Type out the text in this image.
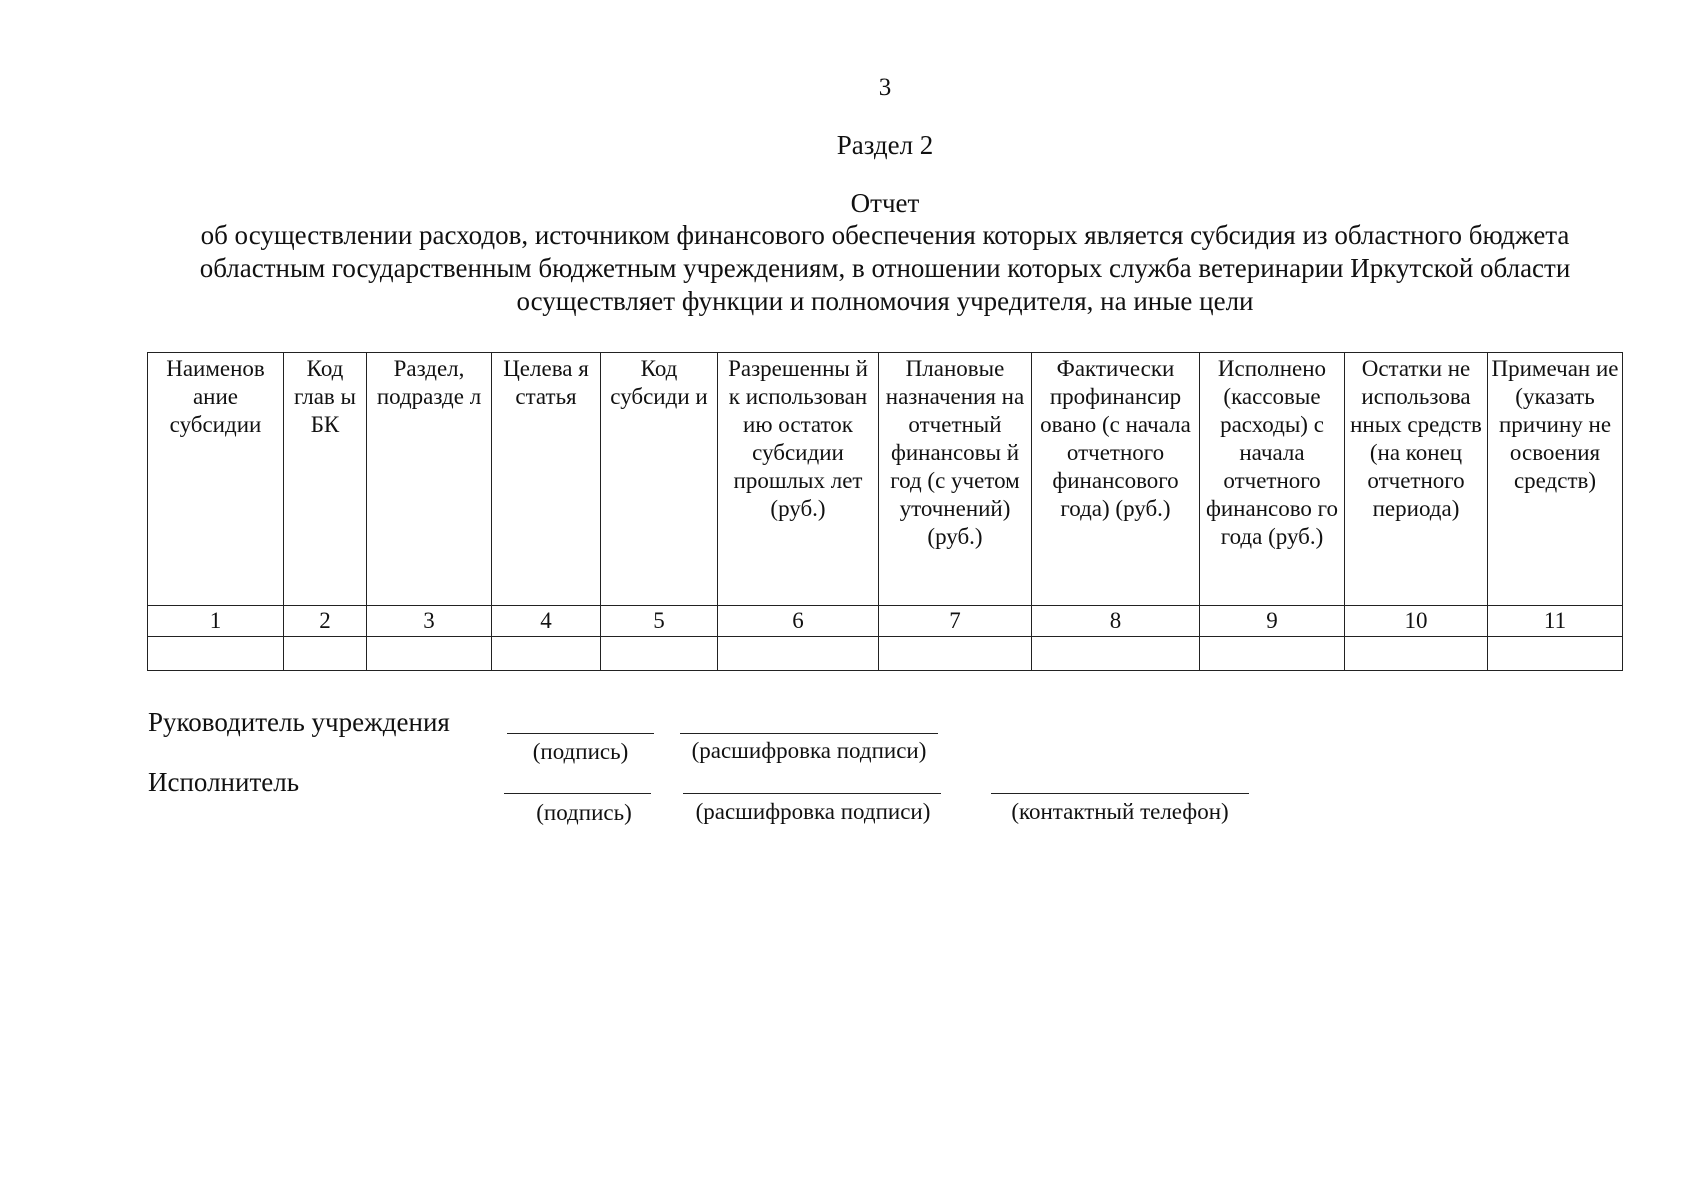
3
Раздел 2
Отчет
об осуществлении расходов, источником финансового обеспечения которых является субсидия из областного бюджета областным государственным бюджетным учреждениям, в отношении которых служба ветеринарии Иркутской области осуществляет функции и полномочия учредителя, на иные цели
Наименов ание субсидии	Код глав ы БК	Раздел, подразде л	Целева я статья	Код субсиди и	Разрешенны й к использован ию остаток субсидии прошлых лет (руб.)	Плановые назначения на отчетный финансовы й год (с учетом уточнений) (руб.)	Фактически профинансир овано (с начала отчетного финансового года) (руб.)	Исполнено (кассовые расходы) с начала отчетного финансово го года (руб.)	Остатки не использова нных средств (на конец отчетного периода)	Примечан ие (указать причину не освоения средств)
1	2	3	4	5	6	7	8	9	10	11

Руководитель учреждения
(подпись)	(расшифровка подписи)
Исполнитель
(подпись)	(расшифровка подписи)	(контактный телефон)
